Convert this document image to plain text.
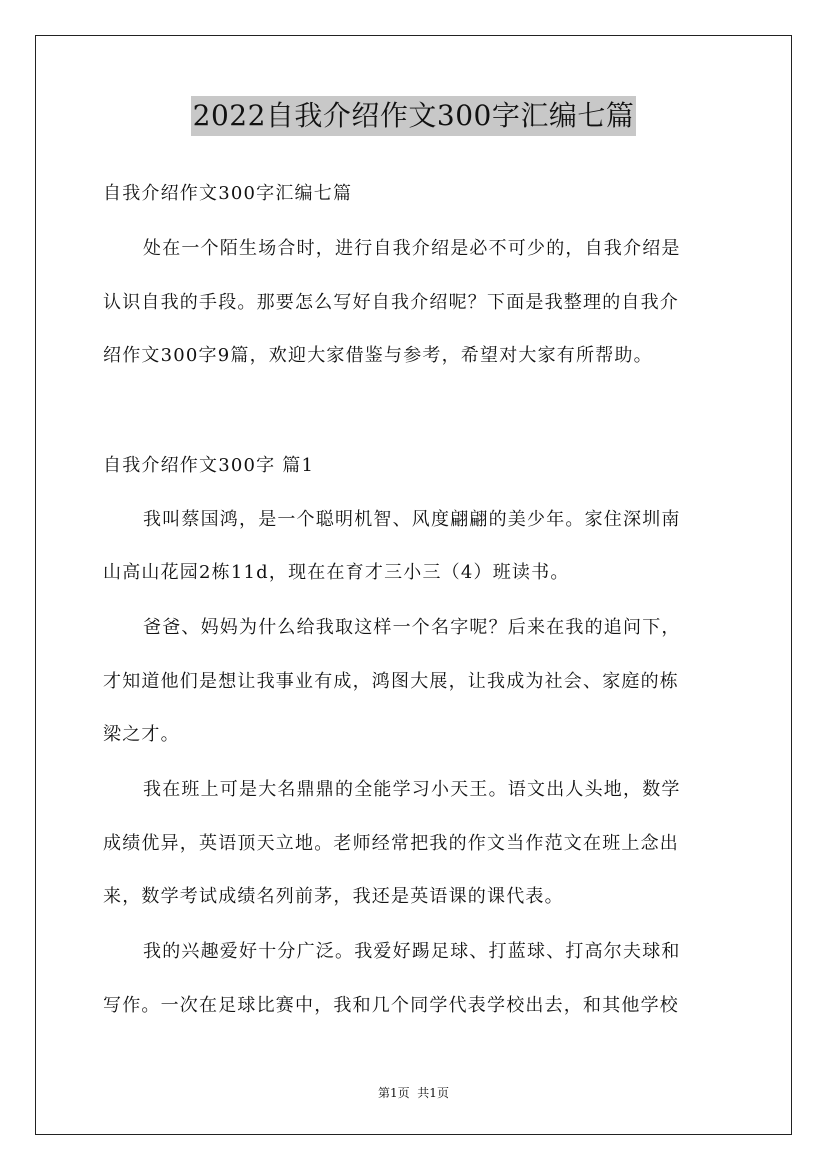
2022自我介绍作文300字汇编七篇
自我介绍作文300字汇编七篇
处在一个陌生场合时，进行自我介绍是必不可少的，自我介绍是
认识自我的手段。那要怎么写好自我介绍呢？下面是我整理的自我介
绍作文300字9篇，欢迎大家借鉴与参考，希望对大家有所帮助。
自我介绍作文300字 篇1
我叫蔡国鸿，是一个聪明机智、风度翩翩的美少年。家住深圳南
山高山花园2栋11d，现在在育才三小三（4）班读书。
爸爸、妈妈为什么给我取这样一个名字呢？后来在我的追问下，
才知道他们是想让我事业有成，鸿图大展，让我成为社会、家庭的栋
梁之才。
我在班上可是大名鼎鼎的全能学习小天王。语文出人头地，数学
成绩优异，英语顶天立地。老师经常把我的作文当作范文在班上念出
来，数学考试成绩名列前茅，我还是英语课的课代表。
我的兴趣爱好十分广泛。我爱好踢足球、打蓝球、打高尔夫球和
写作。一次在足球比赛中，我和几个同学代表学校出去，和其他学校
第1页  共1页
